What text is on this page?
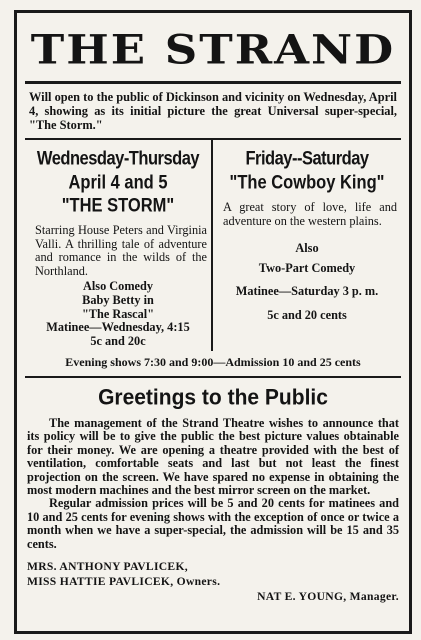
THE STRAND
Will open to the public of Dickinson and vicinity on Wednesday, April 4, showing as its initial picture the great Universal super-special, "The Storm."
Wednesday-Thursday
April 4 and 5
"THE STORM"
Starring House Peters and Virginia Valli. A thrilling tale of adventure and romance in the wilds of the Northland.
Also Comedy
Baby Betty in
"The Rascal"
Matinee—Wednesday, 4:15
5c and 20c
Friday--Saturday
"The Cowboy King"
A great story of love, life and adventure on the western plains.
Also
Two-Part Comedy
Matinee—Saturday 3 p. m.
5c and 20 cents
Evening shows 7:30 and 9:00—Admission 10 and 25 cents
Greetings to the Public

The management of the Strand Theatre wishes to announce that its policy will be to give the public the best picture values obtainable for their money. We are opening a theatre provided with the best of ventilation, comfortable seats and last but not least the finest projection on the screen. We have spared no expense in obtaining the most modern machines and the best mirror screen on the market.

Regular admission prices will be 5 and 20 cents for matinees and 10 and 25 cents for evening shows with the exception of once or twice a month when we have a super-special, the admission will be 15 and 35 cents.

MRS. ANTHONY PAVLICEK,
MISS HATTIE PAVLICEK, Owners.
NAT E. YOUNG, Manager.
